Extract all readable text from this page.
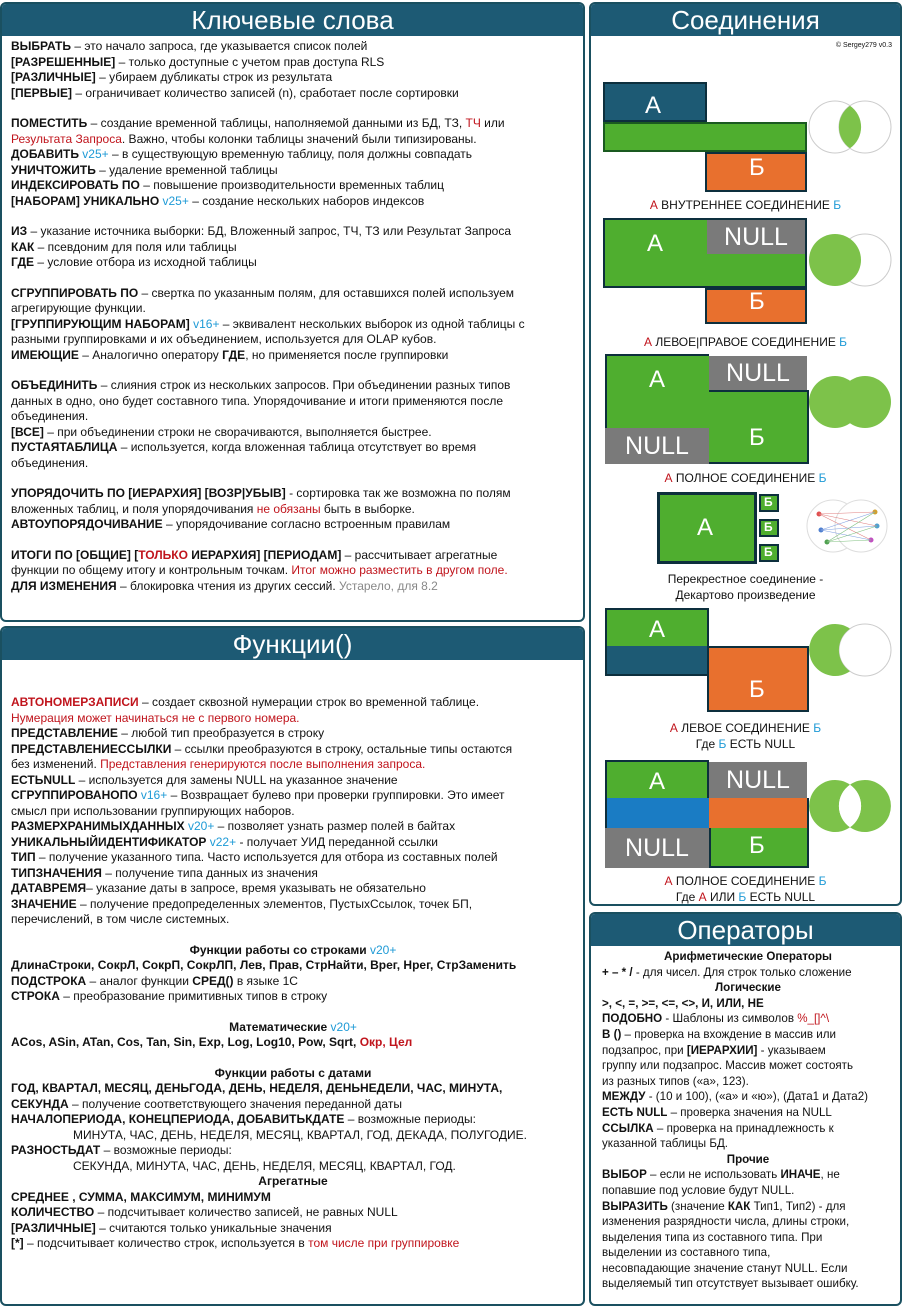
Ключевые слова

ВЫБРАТЬ – это начало запроса, где указывается список полей

[РАЗРЕШЕННЫЕ] – только доступные с учетом прав доступа RLS

[РАЗЛИЧНЫЕ] – убираем дубликаты строк из результата

[ПЕРВЫЕ] – ограничивает количество записей (n), сработает после сортировки

ПОМЕСТИТЬ – создание временной таблицы, наполняемой данными из БД, ТЗ, ТЧ или

Результата Запроса. Важно, чтобы колонки таблицы значений были типизированы.

ДОБАВИТЬ v25+ – в существующую временную таблицу, поля должны совпадать

УНИЧТОЖИТЬ – удаление временной таблицы

ИНДЕКСИРОВАТЬ ПО – повышение производительности временных таблиц

[НАБОРАМ] УНИКАЛЬНО v25+ – создание нескольких наборов индексов

ИЗ – указание источника выборки: БД, Вложенный запрос, ТЧ, ТЗ или Результат Запроса

КАК – псевдоним для поля или таблицы

ГДЕ – условие отбора из исходной таблицы

СГРУППИРОВАТЬ ПО – свертка по указанным полям, для оставшихся полей используем

агрегирующие функции.

[ГРУППИРУЮЩИМ НАБОРАМ] v16+ – эквивалент нескольких выборок из одной таблицы с

разными группировками и их объединением, используется для OLAP кубов.

ИМЕЮЩИЕ – Аналогично оператору ГДЕ, но применяется после группировки

ОБЪЕДИНИТЬ – слияния строк из нескольких запросов. При объединении разных типов

данных в одно, оно будет составного типа. Упорядочивание и итоги применяются после

объединения.

[ВСЕ] – при объединении строки не сворачиваются, выполняется быстрее.

ПУСТАЯТАБЛИЦА – используется, когда вложенная таблица отсутствует во время

объединения.

УПОРЯДОЧИТЬ ПО [ИЕРАРХИЯ] [ВОЗР|УБЫВ] - сортировка так же возможна по полям

вложенных таблиц, и поля упорядочивания не обязаны быть в выборке.

АВТОУПОРЯДОЧИВАНИЕ – упорядочивание согласно встроенным правилам

ИТОГИ ПО [ОБЩИЕ] [ТОЛЬКО ИЕРАРХИЯ] [ПЕРИОДАМ] – рассчитывает агрегатные

функции по общему итогу и контрольным точкам. Итог можно разместить в другом поле.

ДЛЯ ИЗМЕНЕНИЯ – блокировка чтения из других сессий. Устарело, для 8.2

Функции()

АВТОНОМЕРЗАПИСИ – создает сквозной нумерации строк во временной таблице.

Нумерация может начинаться не с первого номера.

ПРЕДСТАВЛЕНИЕ – любой тип преобразуется в строку

ПРЕДСТАВЛЕНИЕССЫЛКИ – ссылки преобразуются в строку, остальные типы остаются

без изменений. Представления генерируются после выполнения запроса.

ЕСТЬNULL – используется для замены NULL на указанное значение

СГРУППИРОВАНОПО v16+ – Возвращает булево при проверки группировки. Это имеет

смысл при использовании группирующих наборов.

РАЗМЕРХРАНИМЫХДАННЫХ v20+ – позволяет узнать размер полей в байтах

УНИКАЛЬНЫЙИДЕНТИФИКАТОР v22+ - получает УИД переданной ссылки

ТИП – получение указанного типа. Часто используется для отбора из составных полей

ТИПЗНАЧЕНИЯ – получение типа данных из значения

ДАТАВРЕМЯ– указание даты в запросе, время указывать не обязательно

ЗНАЧЕНИЕ – получение предопределенных элементов, ПустыхСсылок, точек БП,

перечислений, в том числе системных.

Функции работы со строками v20+

ДлинаСтроки, СокрЛ, СокрП, СокрЛП, Лев, Прав, СтрНайти, Врег, Нрег, СтрЗаменить

ПОДСТРОКА – аналог функции СРЕД() в языке 1С

СТРОКА – преобразование примитивных типов в строку

Математические v20+

ACos, ASin, ATan, Cos, Tan, Sin, Exp, Log, Log10, Pow, Sqrt, Окр, Цел

Функции работы с датами

ГОД, КВАРТАЛ, МЕСЯЦ, ДЕНЬГОДА, ДЕНЬ, НЕДЕЛЯ, ДЕНЬНЕДЕЛИ, ЧАС, МИНУТА,

СЕКУНДА – получение соответствующего значения переданной даты

НАЧАЛОПЕРИОДА, КОНЕЦПЕРИОДА, ДОБАВИТЬКДАТЕ – возможные периоды:

МИНУТА, ЧАС, ДЕНЬ, НЕДЕЛЯ, МЕСЯЦ, КВАРТАЛ, ГОД, ДЕКАДА, ПОЛУГОДИЕ.

РАЗНОСТЬДАТ – возможные периоды:

СЕКУНДА, МИНУТА, ЧАС, ДЕНЬ, НЕДЕЛЯ, МЕСЯЦ, КВАРТАЛ, ГОД.

Агрегатные

СРЕДНЕЕ , СУММА, МАКСИМУМ, МИНИМУМ

КОЛИЧЕСТВО – подсчитывает количество записей, не равных NULL

[РАЗЛИЧНЫЕ] – считаются только уникальные значения

[*] – подсчитывает количество строк, используется в том числе при группировке

Соединения
© Sergey279 v0.3
А
Б
А ВНУТРЕННЕЕ СОЕДИНЕНИЕ Б
А	NULL
Б
А ЛЕВОЕ|ПРАВОЕ СОЕДИНЕНИЕ Б
А	NULL
NULL	Б
А ПОЛНОЕ СОЕДИНЕНИЕ Б
А
Б
Б
Б
Перекрестное соединение -
Декартово произведение
А
Б
А ЛЕВОЕ СОЕДИНЕНИЕ Б
Где Б ЕСТЬ NULL
А	NULL
NULL	Б
А ПОЛНОЕ СОЕДИНЕНИЕ Б
Где А ИЛИ Б ЕСТЬ NULL
Операторы

Арифметические Операторы

+ – * / - для чисел. Для строк только сложение

Логические

>, <, =, >=, <=, <>, И, ИЛИ, НЕ

ПОДОБНО - Шаблоны из символов %_[]^\

В () – проверка на вхождение в массив или

подзапрос, при [ИЕРАРХИИ] - указываем

группу или подзапрос. Массив может состоять

из разных типов («а», 123).

МЕЖДУ - (10 и 100), («а» и «ю»), (Дата1 и Дата2)

ЕСТЬ NULL – проверка значения на NULL

ССЫЛКА – проверка на принадлежность к

указанной таблицы БД.

Прочие

ВЫБОР – если не использовать ИНАЧЕ, не

попавшие под условие будут NULL.

ВЫРАЗИТЬ (значение КАК Тип1, Тип2) - для

изменения разрядности числа, длины строки,

выделения типа из составного типа. При

выделении из составного типа,

несовпадающие значение станут NULL. Если

выделяемый тип отсутствует вызывает ошибку.
